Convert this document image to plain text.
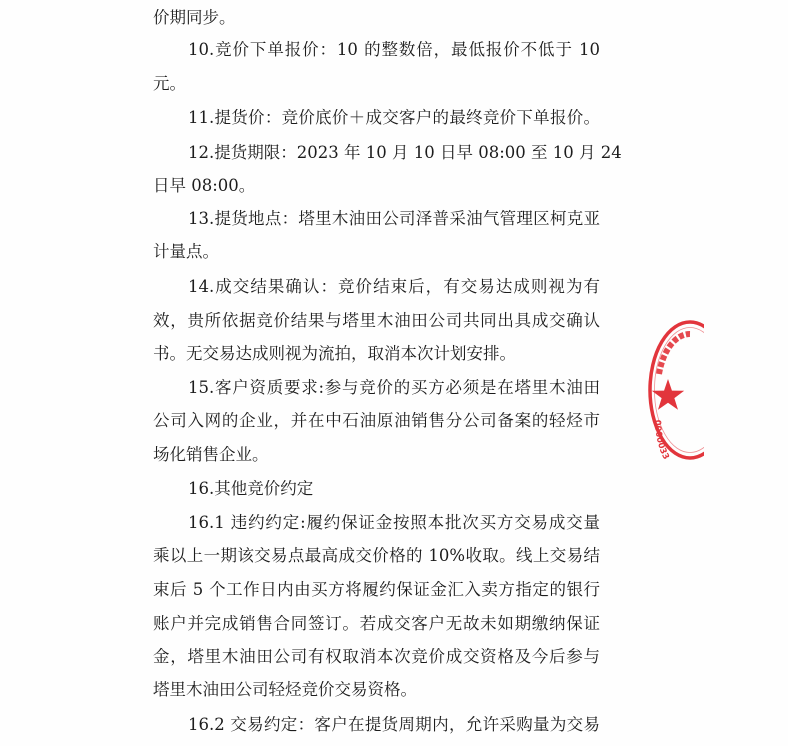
价期同步。
10.竞价下单报价：10 的整数倍，最低报价不低于 10
元。
11.提货价：竞价底价＋成交客户的最终竞价下单报价。
12.提货期限：2023 年 10 月 10 日早 08:00 至 10 月 24
日早 08:00。
13.提货地点：塔里木油田公司泽普采油气管理区柯克亚
计量点。
14.成交结果确认：竞价结束后，有交易达成则视为有
效，贵所依据竞价结果与塔里木油田公司共同出具成交确认
书。无交易达成则视为流拍，取消本次计划安排。
15.客户资质要求:参与竞价的买方必须是在塔里木油田
公司入网的企业，并在中石油原油销售分公司备案的轻烃市
场化销售企业。
16.其他竞价约定
16.1 违约约定:履约保证金按照本批次买方交易成交量
乘以上一期该交易点最高成交价格的 10%收取。线上交易结
束后 5 个工作日内由买方将履约保证金汇入卖方指定的银行
账户并完成销售合同签订。若成交客户无故未如期缴纳保证
金，塔里木油田公司有权取消本次竞价成交资格及今后参与
塔里木油田公司轻烃竞价交易资格。
16.2 交易约定：客户在提货周期内，允许采购量为交易
0000033
